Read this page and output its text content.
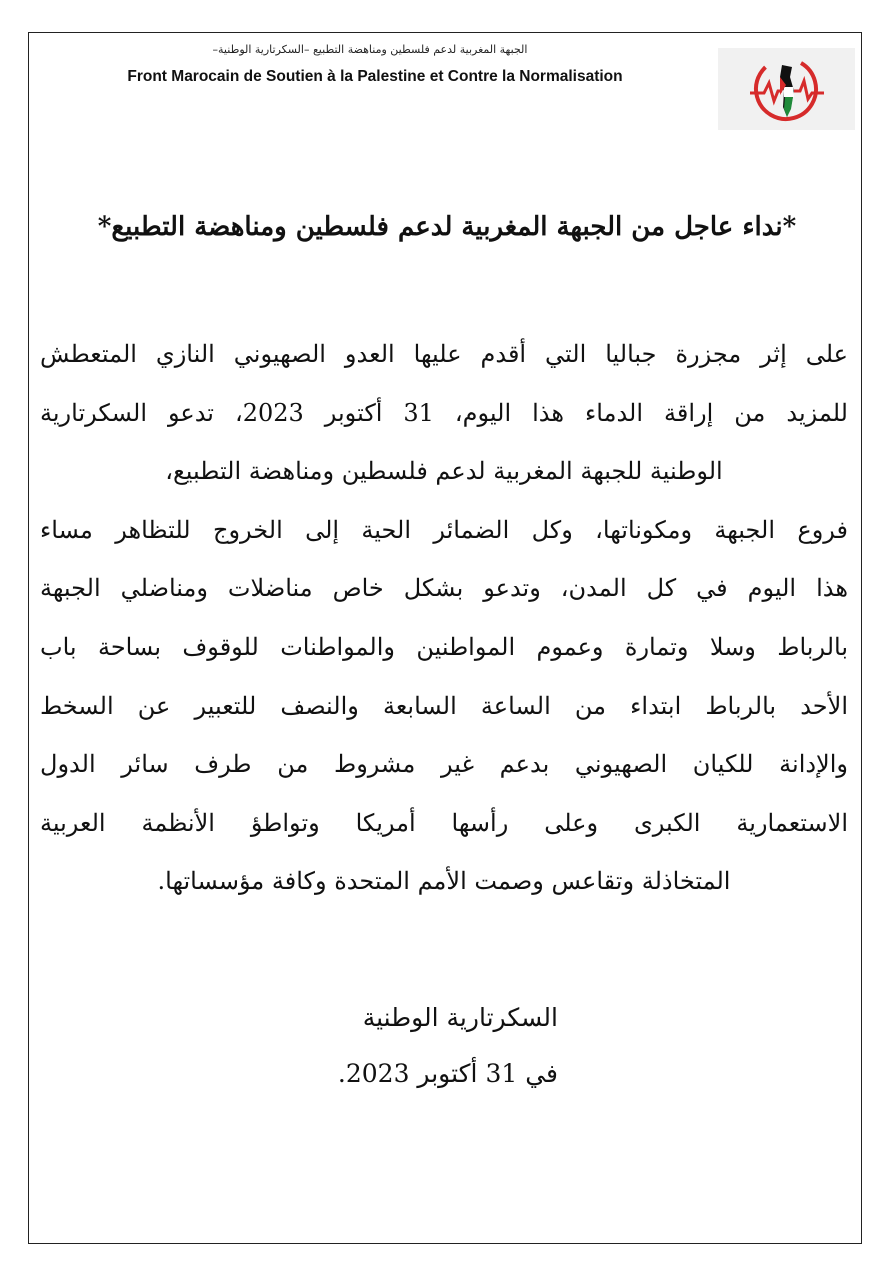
الجبهة المغربية لدعم فلسطين ومناهضة التطبيع –السكرتارية الوطنية–
Front Marocain de Soutien à la Palestine et Contre la Normalisation
*نداء عاجل من الجبهة المغربية لدعم فلسطين ومناهضة التطبيع*
على إثر مجزرة جباليا التي أقدم عليها العدو الصهيوني النازي المتعطش
للمزيد من إراقة الدماء هذا اليوم، 31 أكتوبر 2023، تدعو السكرتارية
الوطنية للجبهة المغربية لدعم فلسطين ومناهضة التطبيع،
فروع الجبهة ومكوناتها، وكل الضمائر الحية إلى الخروج للتظاهر مساء
هذا اليوم في كل المدن، وتدعو بشكل خاص مناضلات ومناضلي الجبهة
بالرباط وسلا وتمارة وعموم المواطنين والمواطنات للوقوف بساحة باب
الأحد بالرباط ابتداء من الساعة السابعة والنصف للتعبير عن السخط
والإدانة للكيان الصهيوني بدعم غير مشروط من طرف سائر الدول
الاستعمارية الكبرى وعلى رأسها أمريكا وتواطؤ الأنظمة العربية
المتخاذلة وتقاعس وصمت الأمم المتحدة وكافة مؤسساتها.
السكرتارية الوطنية
في 31 أكتوبر 2023.
